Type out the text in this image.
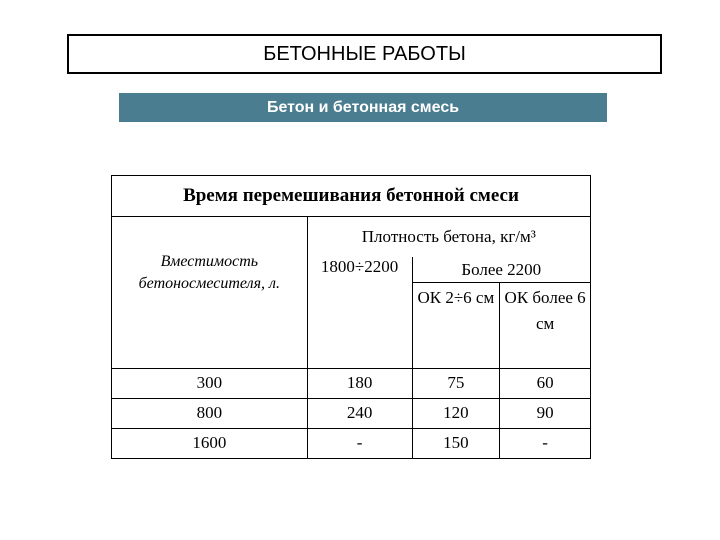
БЕТОННЫЕ РАБОТЫ
Бетон и бетонная смесь
Время перемешивания бетонной смеси			

Вместимость бетоносмесителя, л.	Плотность бетона, кг/м³		
	1800÷2200	Более 2200	
		ОК 2÷6 см	ОК более 6 см

300	180	75	60
800	240	120	90
1600	-	150	-
